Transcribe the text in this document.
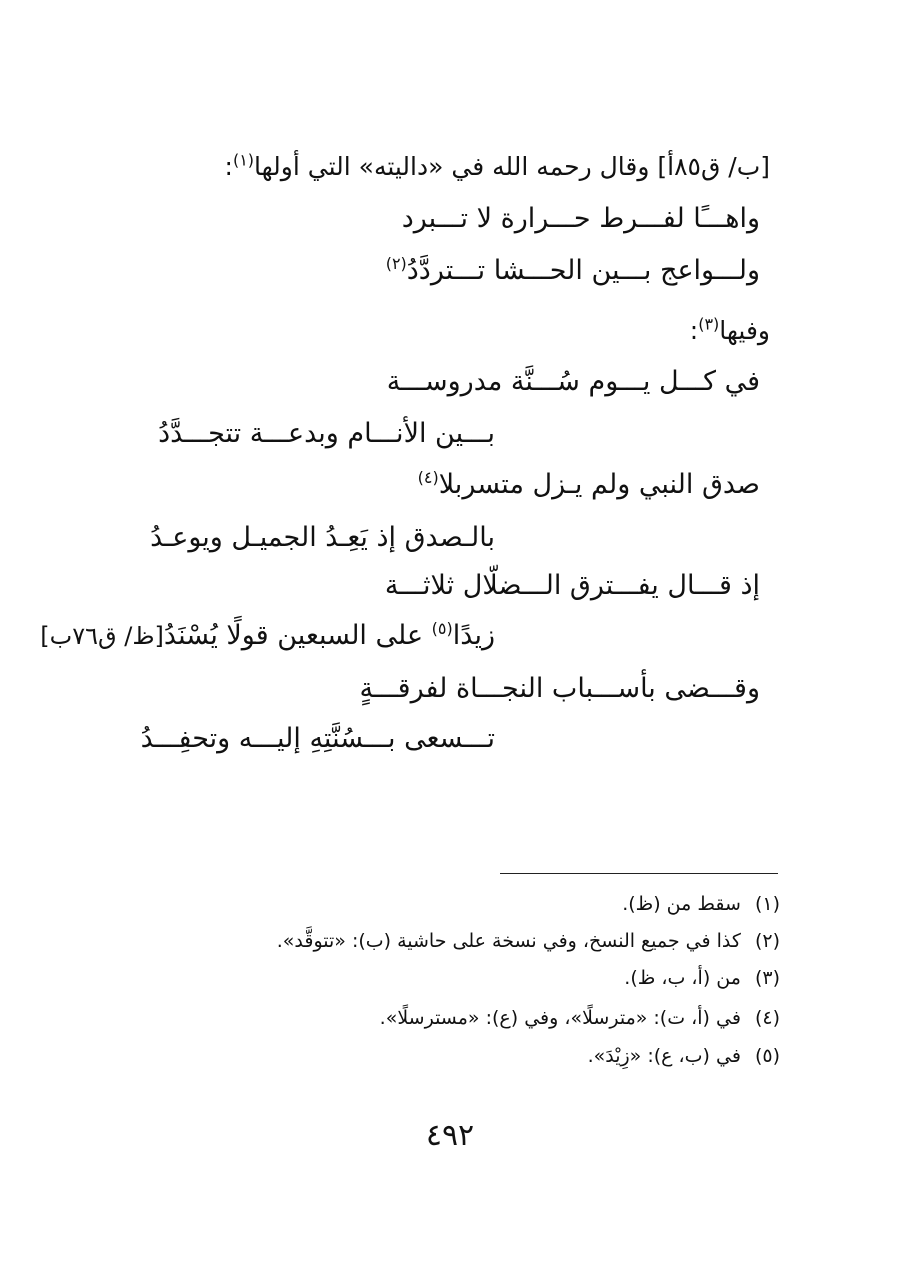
[ب/ ق٨٥أ] وقال رحمه الله في «داليته» التي أولها$^{(١)}$:
واهـــًا لفـــرط حـــرارة لا تـــبرد
ولـــواعج بـــين الحـــشا تـــتردَّدُ$^{(٢)}$
وفيها$^{(٣)}$:
في كـــل يـــوم سُـــنَّة مدروســـة
بـــين الأنـــام وبدعـــة تتجـــدَّدُ
صدق النبي ولم يـزل متسربلا$^{(٤)}$
بالـصدق إذ يَعِـدُ الجميـل ويوعـدُ
إذ قـــال يفـــترق الـــضلّال ثلاثـــة
زيدًا$^{(٥)}$ على السبعين قولًا يُسْنَدُ[ظ/ ق٧٦ب]
وقـــضى بأســـباب النجـــاة لفرقـــةٍ
تـــسعى بـــسُنَّتِهِ إليـــه وتحفِـــدُ
(١)سقط من (ظ).
(٢)كذا في جميع النسخ، وفي نسخة على حاشية (ب): «تتوقَّد».
(٣)من (أ، ب، ظ).
(٤)في (أ، ت): «مترسلًا»، وفي (ع): «مسترسلًا».
(٥)في (ب، ع): «زِيْدَ».
٤٩٢
